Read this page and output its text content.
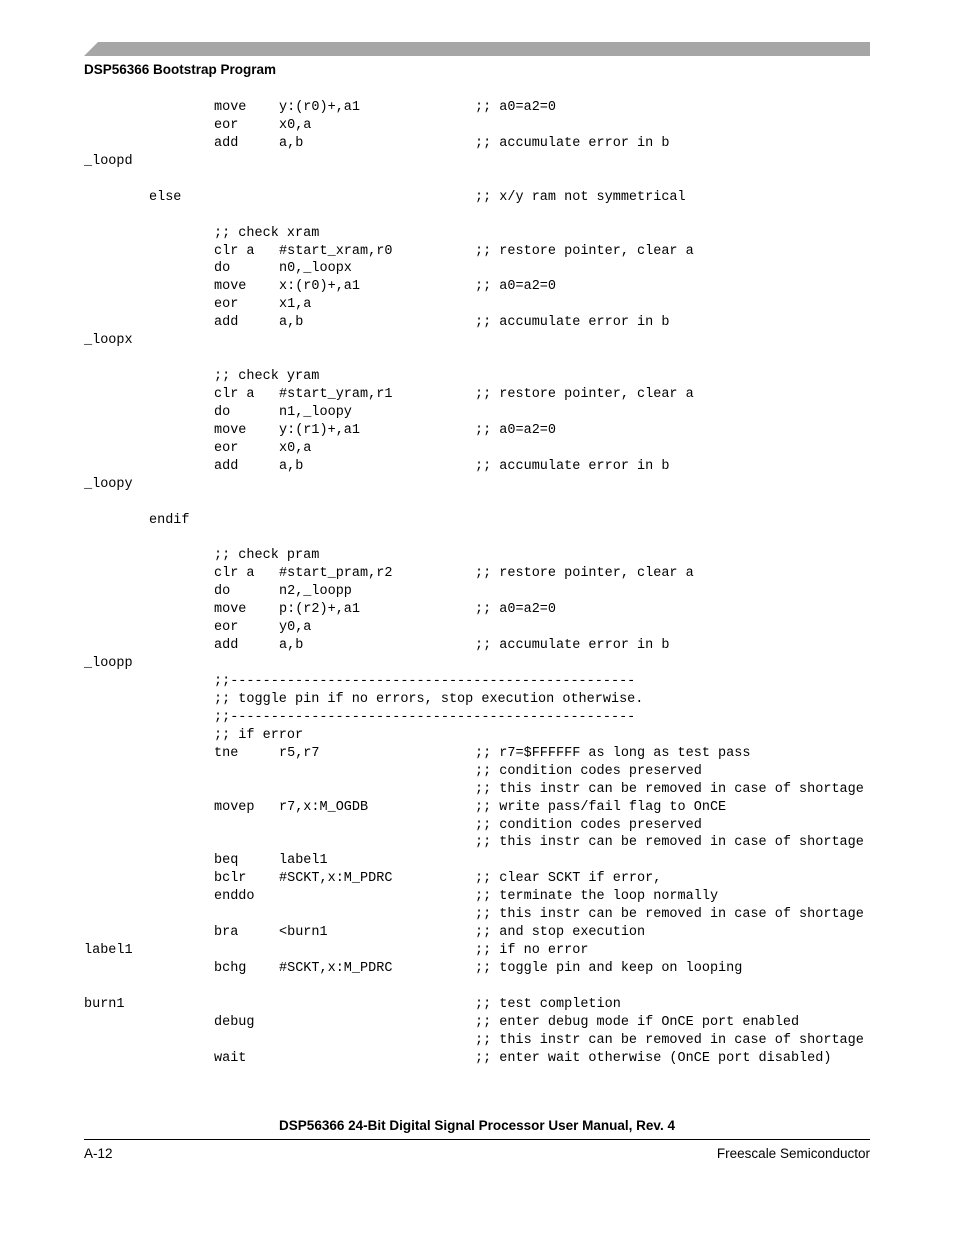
DSP56366 Bootstrap Program
move y:(r0)+,a1	;; a0=a2=0
eor	x0,a
add	a,b	;; accumulate error in b
_loopd
else	;; x/y ram not symmetrical
;; check xram
clr a #start_xram,r0	;; restore pointer, clear a
do	n0,_loopx
move x:(r0)+,a1	;; a0=a2=0
eor	x1,a
add	a,b	;; accumulate error in b
_loopx
;; check yram
clr a #start_yram,r1	;; restore pointer, clear a
do	n1,_loopy
move y:(r1)+,a1	;; a0=a2=0
eor	x0,a
add	a,b	;; accumulate error in b
_loopy
endif
;; check pram
clr a #start_pram,r2	;; restore pointer, clear a
do	n2,_loopp
move p:(r2)+,a1	;; a0=a2=0
eor	y0,a
add	a,b	;; accumulate error in b
_loopp
;;--------------------------------------------------
;; toggle pin if no errors, stop execution otherwise.
;;--------------------------------------------------
;; if error
tne	r5,r7	;; r7=$FFFFFF as long as test pass
;; condition codes preserved
;; this instr can be removed in case of shortage
movep r7,x:M_OGDB	;; write pass/fail flag to OnCE
;; condition codes preserved
;; this instr can be removed in case of shortage
beq	label1
bclr #SCKT,x:M_PDRC	;; clear SCKT if error,
enddo	;; terminate the loop normally
;; this instr can be removed in case of shortage
bra	<burn1	;; and stop execution
label1	;; if no error
bchg #SCKT,x:M_PDRC	;; toggle pin and keep on looping
burn1	;; test completion
debug	;; enter debug mode if OnCE port enabled
;; this instr can be removed in case of shortage
wait	;; enter wait otherwise (OnCE port disabled)
DSP56366 24-Bit Digital Signal Processor User Manual, Rev. 4
A-12	Freescale Semiconductor
